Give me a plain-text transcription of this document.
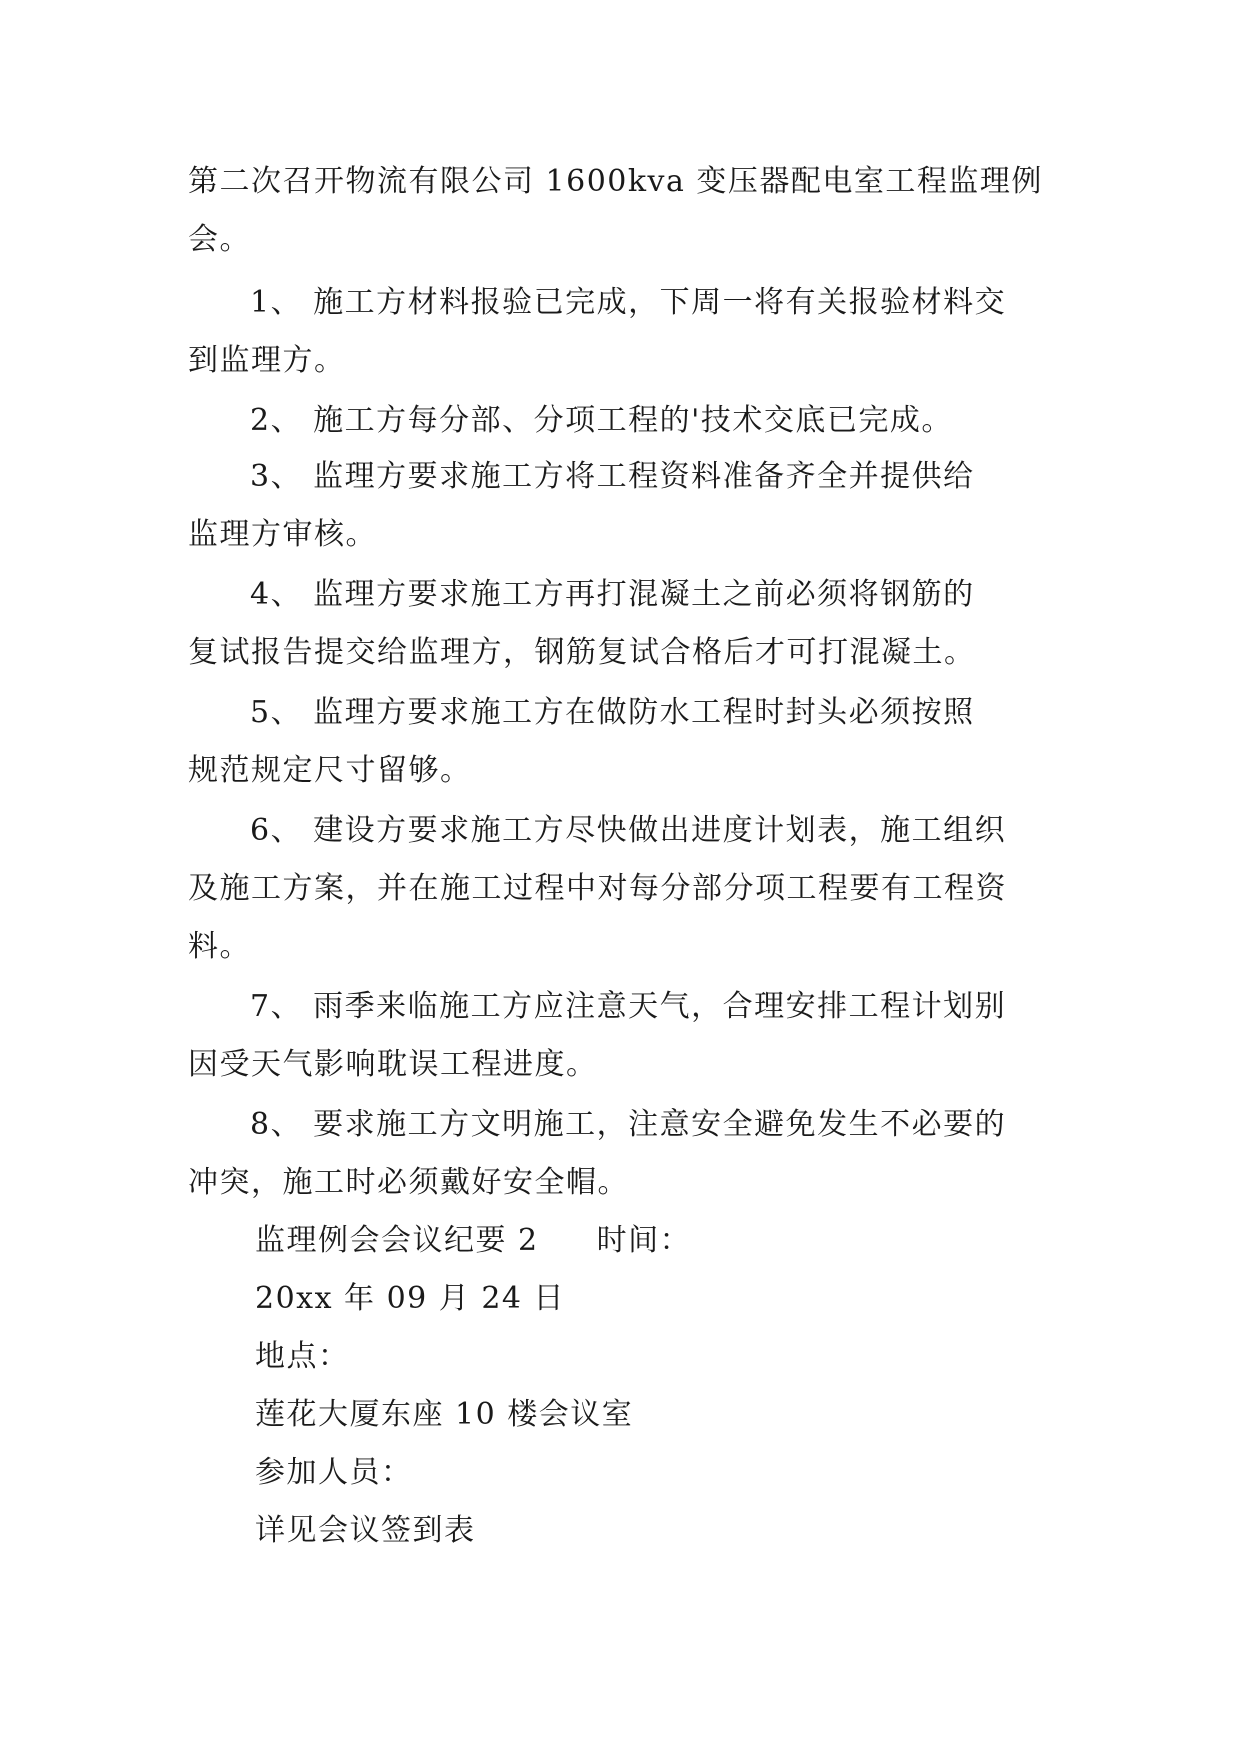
第二次召开物流有限公司 1600kva 变压器配电室工程监理例
会。
1、 施工方材料报验已完成，下周一将有关报验材料交
到监理方。
2、 施工方每分部、分项工程的'技术交底已完成。
3、 监理方要求施工方将工程资料准备齐全并提供给
监理方审核。
4、 监理方要求施工方再打混凝土之前必须将钢筋的
复试报告提交给监理方，钢筋复试合格后才可打混凝土。
5、 监理方要求施工方在做防水工程时封头必须按照
规范规定尺寸留够。
6、 建设方要求施工方尽快做出进度计划表，施工组织
及施工方案，并在施工过程中对每分部分项工程要有工程资
料。
7、 雨季来临施工方应注意天气，合理安排工程计划别
因受天气影响耽误工程进度。
8、 要求施工方文明施工，注意安全避免发生不必要的
冲突，施工时必须戴好安全帽。
监理例会会议纪要 2 时间：
20xx 年 09 月 24 日
地点：
莲花大厦东座 10 楼会议室
参加人员：
详见会议签到表
